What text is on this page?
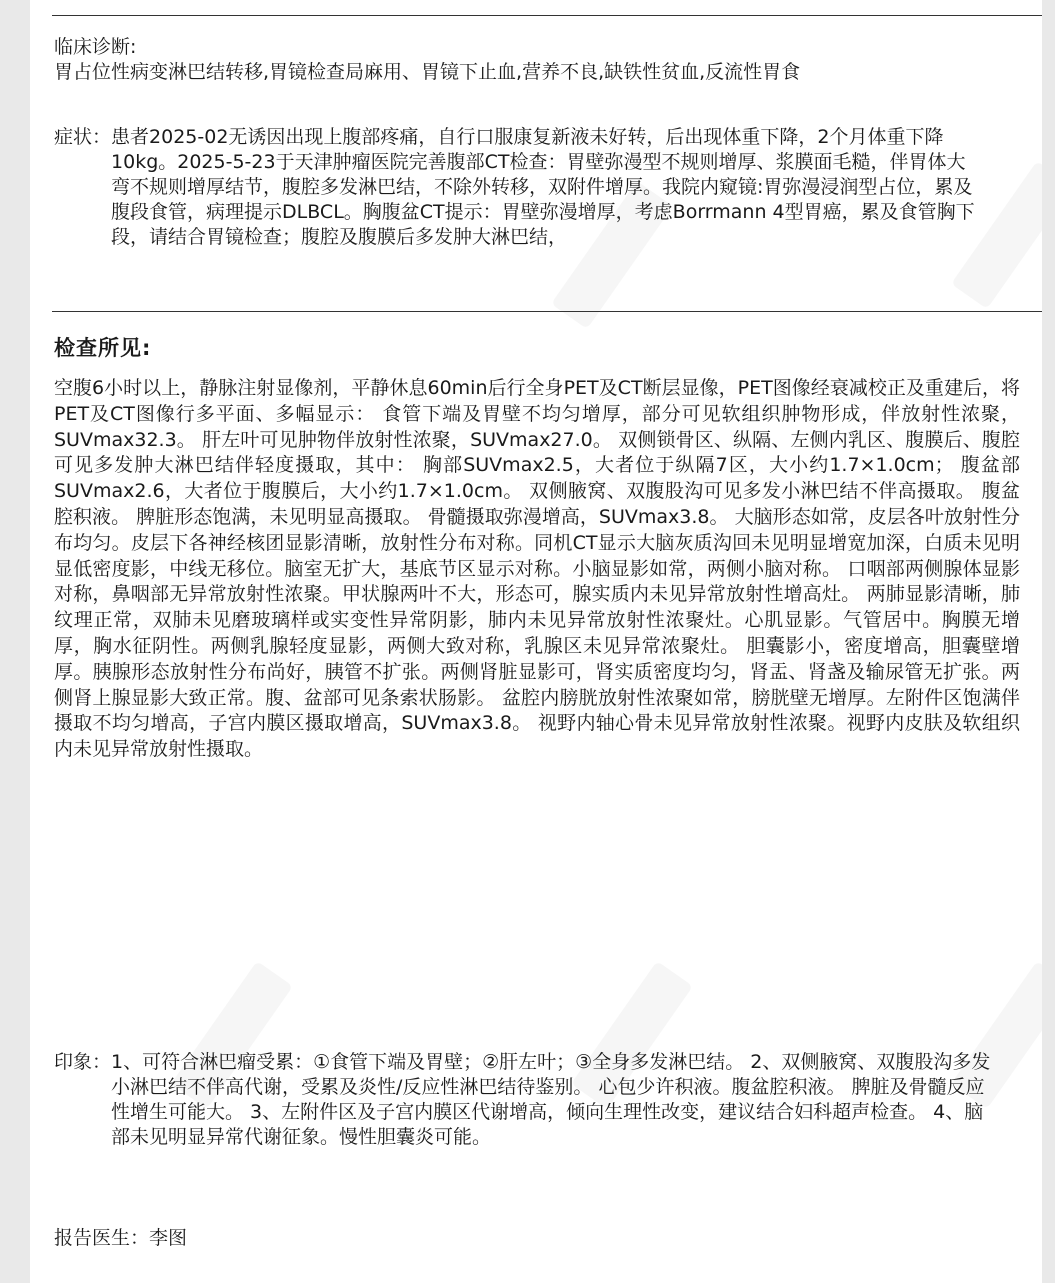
临床诊断:
胃占位性病变淋巴结转移,胃镜检查局麻用、胃镜下止血,营养不良,缺铁性贫血,反流性胃食
症状： 患者2025-02无诱因出现上腹部疼痛，自行口服康复新液未好转，后出现体重下降，2个月体重下降10kg。2025-5-23于天津肿瘤医院完善腹部CT检查：胃壁弥漫型不规则增厚、浆膜面毛糙，伴胃体大弯不规则增厚结节，腹腔多发淋巴结，不除外转移，双附件增厚。我院内窥镜:胃弥漫浸润型占位，累及腹段食管，病理提示DLBCL。胸腹盆CT提示：胃壁弥漫增厚，考虑Borrmann 4型胃癌，累及食管胸下段，请结合胃镜检查；腹腔及腹膜后多发肿大淋巴结，
检查所见:
空腹6小时以上，静脉注射显像剂，平静休息60min后行全身PET及CT断层显像，PET图像经衰减校正及重建后，将PET及CT图像行多平面、多幅显示： 食管下端及胃壁不均匀增厚，部分可见软组织肿物形成，伴放射性浓聚，SUVmax32.3。 肝左叶可见肿物伴放射性浓聚，SUVmax27.0。 双侧锁骨区、纵隔、左侧内乳区、腹膜后、腹腔可见多发肿大淋巴结伴轻度摄取，其中： 胸部SUVmax2.5，大者位于纵隔7区，大小约1.7×1.0cm； 腹盆部SUVmax2.6，大者位于腹膜后，大小约1.7×1.0cm。 双侧腋窝、双腹股沟可见多发小淋巴结不伴高摄取。 腹盆腔积液。 脾脏形态饱满，未见明显高摄取。 骨髓摄取弥漫增高，SUVmax3.8。 大脑形态如常，皮层各叶放射性分布均匀。皮层下各神经核团显影清晰，放射性分布对称。同机CT显示大脑灰质沟回未见明显增宽加深，白质未见明显低密度影，中线无移位。脑室无扩大，基底节区显示对称。小脑显影如常，两侧小脑对称。 口咽部两侧腺体显影对称，鼻咽部无异常放射性浓聚。甲状腺两叶不大，形态可，腺实质内未见异常放射性增高灶。 两肺显影清晰，肺纹理正常，双肺未见磨玻璃样或实变性异常阴影，肺内未见异常放射性浓聚灶。心肌显影。气管居中。胸膜无增厚，胸水征阴性。两侧乳腺轻度显影，两侧大致对称，乳腺区未见异常浓聚灶。 胆囊影小，密度增高，胆囊壁增厚。胰腺形态放射性分布尚好，胰管不扩张。两侧肾脏显影可，肾实质密度均匀，肾盂、肾盏及输尿管无扩张。两侧肾上腺显影大致正常。腹、盆部可见条索状肠影。 盆腔内膀胱放射性浓聚如常，膀胱壁无增厚。左附件区饱满伴摄取不均匀增高，子宫内膜区摄取增高，SUVmax3.8。 视野内轴心骨未见异常放射性浓聚。视野内皮肤及软组织内未见异常放射性摄取。
印象： 1、可符合淋巴瘤受累：①食管下端及胃壁；②肝左叶；③全身多发淋巴结。 2、双侧腋窝、双腹股沟多发小淋巴结不伴高代谢，受累及炎性/反应性淋巴结待鉴别。 心包少许积液。腹盆腔积液。 脾脏及骨髓反应性增生可能大。 3、左附件区及子宫内膜区代谢增高，倾向生理性改变，建议结合妇科超声检查。 4、脑部未见明显异常代谢征象。慢性胆囊炎可能。
报告医生：李图
